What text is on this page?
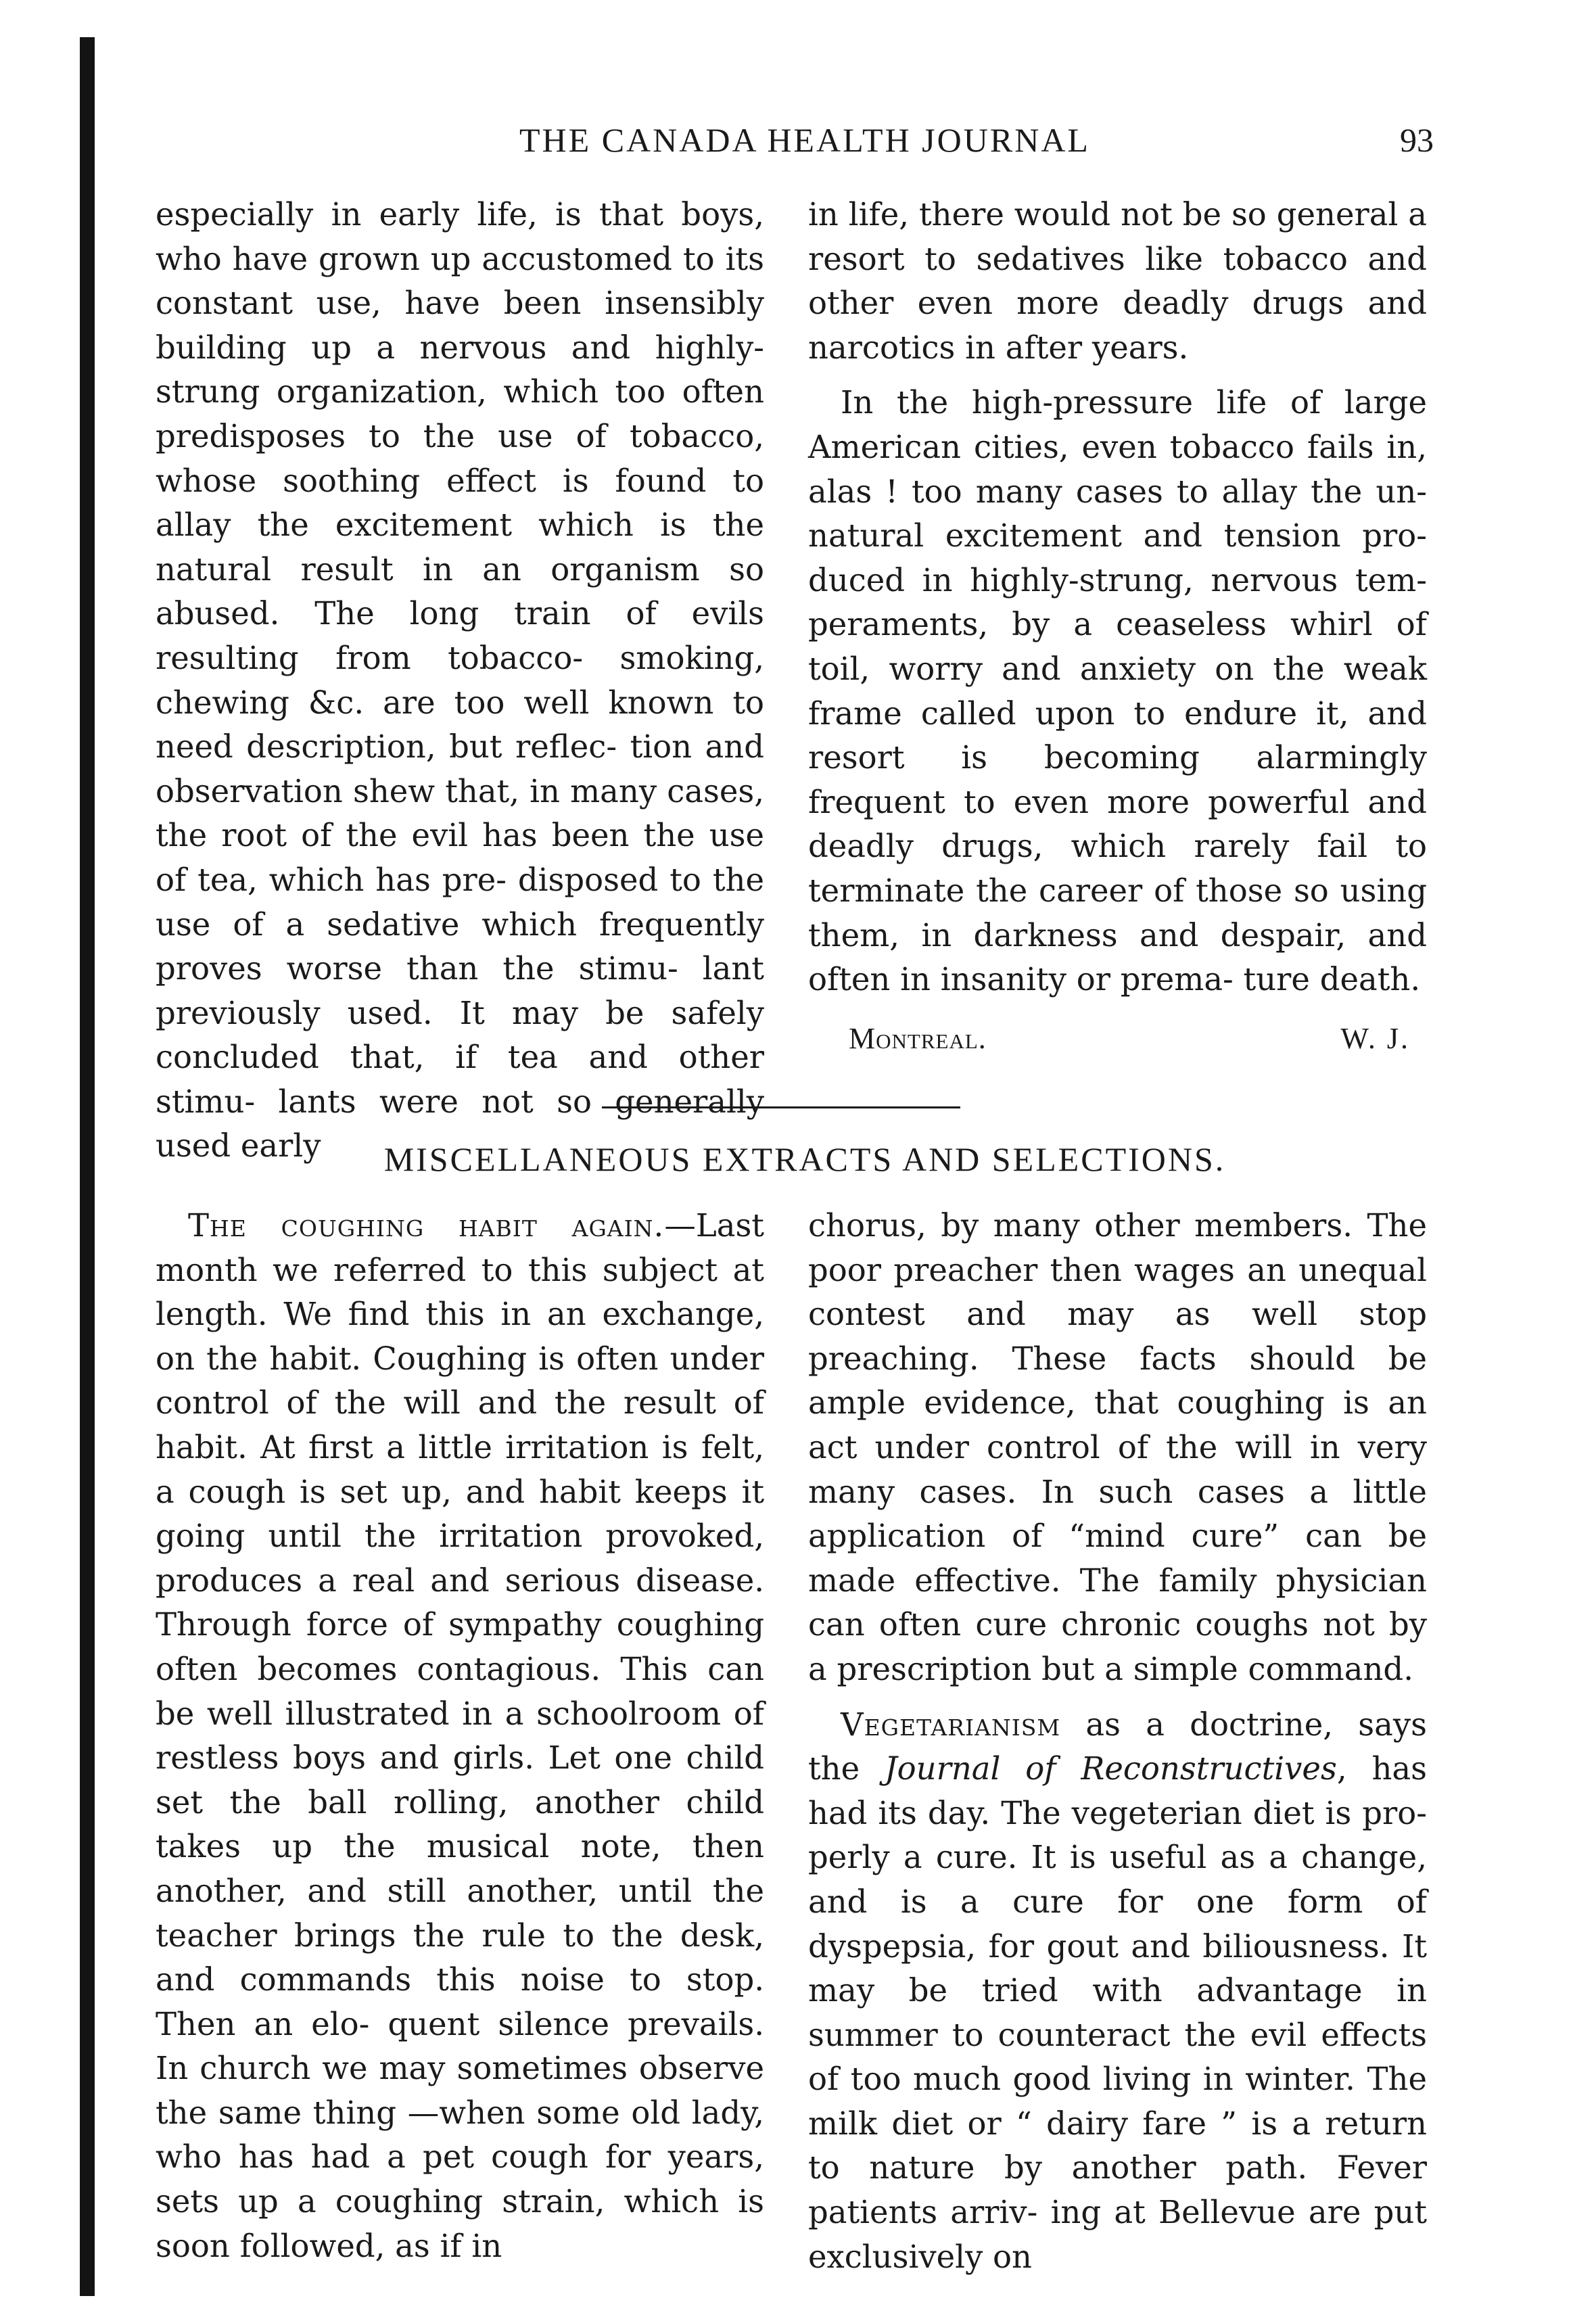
THE CANADA HEALTH JOURNAL	93

especially in early life, is that boys, who have grown up accustomed to its constant use, have been insensibly building up a nervous and highly- strung organization, which too often predisposes to the use of tobacco, whose soothing effect is found to allay the excitement which is the natural result in an organism so abused. The long train of evils resulting from tobacco- smoking, chewing &c. are too well known to need description, but reflec- tion and observation shew that, in many cases, the root of the evil has been the use of tea, which has pre- disposed to the use of a sedative which frequently proves worse than the stimu- lant previously used. It may be safely concluded that, if tea and other stimu- lants were not so generally used early

in life, there would not be so general a resort to sedatives like tobacco and other even more deadly drugs and narcotics in after years.

In the high-pressure life of large American cities, even tobacco fails in, alas ! too many cases to allay the un- natural excitement and tension pro- duced in highly-strung, nervous tem- peraments, by a ceaseless whirl of toil, worry and anxiety on the weak frame called upon to endure it, and resort is becoming alarmingly frequent to even more powerful and deadly drugs, which rarely fail to terminate the career of those so using them, in darkness and despair, and often in insanity or prema- ture death.

Montreal.	W. J.
MISCELLANEOUS EXTRACTS AND SELECTIONS.

The coughing habit again.—Last month we referred to this subject at length. We find this in an exchange, on the habit. Coughing is often under control of the will and the result of habit. At first a little irritation is felt, a cough is set up, and habit keeps it going until the irritation provoked, produces a real and serious disease. Through force of sympathy coughing often becomes contagious. This can be well illustrated in a schoolroom of restless boys and girls. Let one child set the ball rolling, another child takes up the musical note, then another, and still another, until the teacher brings the rule to the desk, and commands this noise to stop. Then an elo- quent silence prevails. In church we may sometimes observe the same thing —when some old lady, who has had a pet cough for years, sets up a coughing strain, which is soon followed, as if in

chorus, by many other members. The poor preacher then wages an unequal contest and may as well stop preaching. These facts should be ample evidence, that coughing is an act under control of the will in very many cases. In such cases a little application of “mind cure” can be made effective. The family physician can often cure chronic coughs not by a prescription but a simple command.

Vegetarianism as a doctrine, says the Journal of Reconstructives, has had its day. The vegeterian diet is pro- perly a cure. It is useful as a change, and is a cure for one form of dyspepsia, for gout and biliousness. It may be tried with advantage in summer to counteract the evil effects of too much good living in winter. The milk diet or “ dairy fare ” is a return to nature by another path. Fever patients arriv- ing at Bellevue are put exclusively on
